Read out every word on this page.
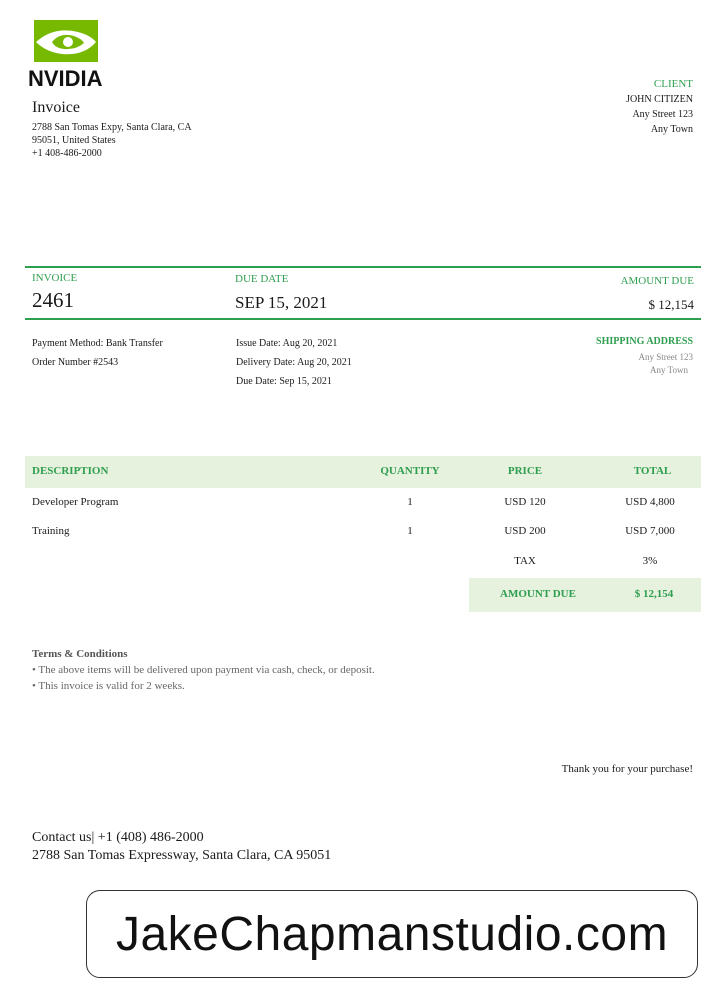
NVIDIA
Invoice
2788 San Tomas Expy, Santa Clara, CA
95051, United States
+1 408-486-2000
CLIENT
JOHN CITIZEN
Any Street 123
Any Town
INVOICE
2461
DUE DATE
SEP 15, 2021
AMOUNT DUE
$ 12,154
Payment Method: Bank Transfer
Order Number #2543
Issue Date: Aug 20, 2021
Delivery Date: Aug 20, 2021
Due Date: Sep 15, 2021
SHIPPING ADDRESS
Any Street 123
Any Town
DESCRIPTION	QUANTITY	PRICE	TOTAL
Developer Program	1	USD 120	USD 4,800
Training	1	USD 200	USD 7,000
TAX	3%
AMOUNT DUE	$ 12,154
Terms & Conditions
• The above items will be delivered upon payment via cash, check, or deposit.
• This invoice is valid for 2 weeks.
Thank you for your purchase!
Contact us| +1 (408) 486-2000
2788 San Tomas Expressway, Santa Clara, CA 95051
JakeChapmanstudio.com
